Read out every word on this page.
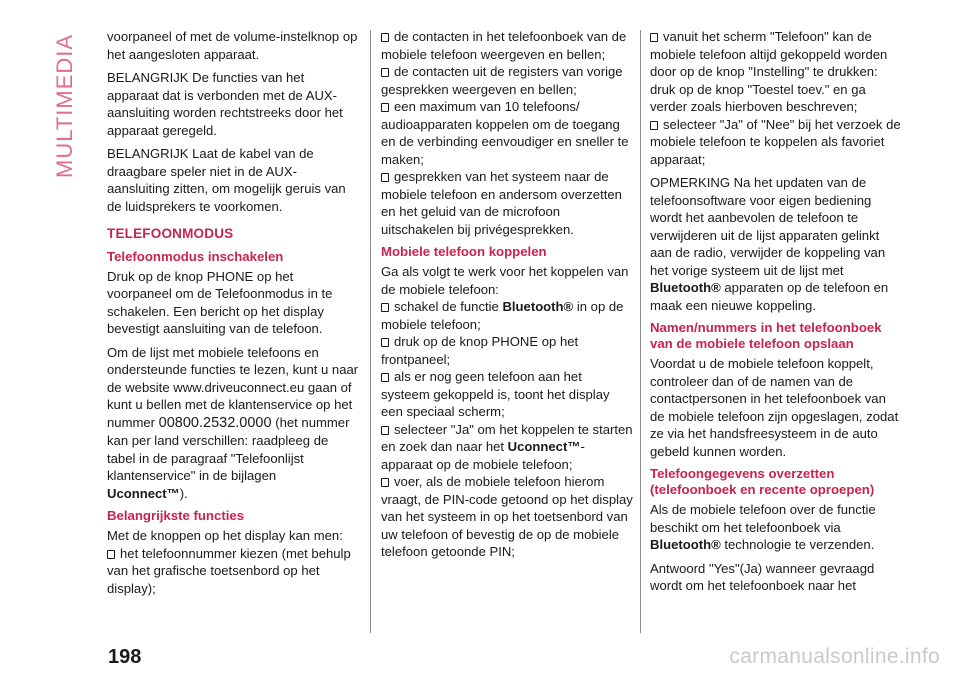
MULTIMEDIA	voorpaneel of met de volume-instelknop op het aangesloten apparaat.

BELANGRIJK De functies van het apparaat dat is verbonden met de AUX-aansluiting worden rechtstreeks door het apparaat geregeld.

BELANGRIJK Laat de kabel van de draagbare speler niet in de AUX-aansluiting zitten, om mogelijk geruis van de luidsprekers te voorkomen.

TELEFOONMODUS
Telefoonmodus inschakelen

Druk op de knop PHONE op het voorpaneel om de Telefoonmodus in te schakelen. Een bericht op het display bevestigt aansluiting van de telefoon.

Om de lijst met mobiele telefoons en ondersteunde functies te lezen, kunt u naar de website www.driveuconnect.eu gaan of kunt u bellen met de klantenservice op het nummer 00800.2532.0000 (het nummer kan per land verschillen: raadpleeg de tabel in de paragraaf "Telefoonlijst klantenservice" in de bijlagen Uconnect™).

Belangrijkste functies

Met de knoppen op het display kan men:

het telefoonnummer kiezen (met behulp van het grafische toetsenbord op het display);

de contacten in het telefoonboek van de mobiele telefoon weergeven en bellen;

de contacten uit de registers van vorige gesprekken weergeven en bellen;

een maximum van 10 telefoons/ audioapparaten koppelen om de toegang en de verbinding eenvoudiger en sneller te maken;

gesprekken van het systeem naar de mobiele telefoon en andersom overzetten en het geluid van de microfoon uitschakelen bij privégesprekken.

Mobiele telefoon koppelen

Ga als volgt te werk voor het koppelen van de mobiele telefoon:

schakel de functie Bluetooth® in op de mobiele telefoon;

druk op de knop PHONE op het frontpaneel;

als er nog geen telefoon aan het systeem gekoppeld is, toont het display een speciaal scherm;

selecteer "Ja" om het koppelen te starten en zoek dan naar het Uconnect™-apparaat op de mobiele telefoon;

voer, als de mobiele telefoon hierom vraagt, de PIN-code getoond op het display van het systeem in op het toetsenbord van uw telefoon of bevestig de op de mobiele telefoon getoonde PIN;

vanuit het scherm "Telefoon" kan de mobiele telefoon altijd gekoppeld worden door op de knop "Instelling" te drukken: druk op de knop "Toestel toev." en ga verder zoals hierboven beschreven;

selecteer "Ja" of "Nee" bij het verzoek de mobiele telefoon te koppelen als favoriet apparaat;

OPMERKING Na het updaten van de telefoonsoftware voor eigen bediening wordt het aanbevolen de telefoon te verwijderen uit de lijst apparaten gelinkt aan de radio, verwijder de koppeling van het vorige systeem uit de lijst met Bluetooth® apparaten op de telefoon en maak een nieuwe koppeling.

Namen/nummers in het telefoonboek van de mobiele telefoon opslaan

Voordat u de mobiele telefoon koppelt, controleer dan of de namen van de contactpersonen in het telefoonboek van de mobiele telefoon zijn opgeslagen, zodat ze via het handsfreesysteem in de auto gebeld kunnen worden.

Telefoongegevens overzetten (telefoonboek en recente oproepen)

Als de mobiele telefoon over de functie beschikt om het telefoonboek via Bluetooth® technologie te verzenden.

Antwoord "Yes"(Ja) wanneer gevraagd wordt om het telefoonboek naar het

198	carmanualsonline.info
